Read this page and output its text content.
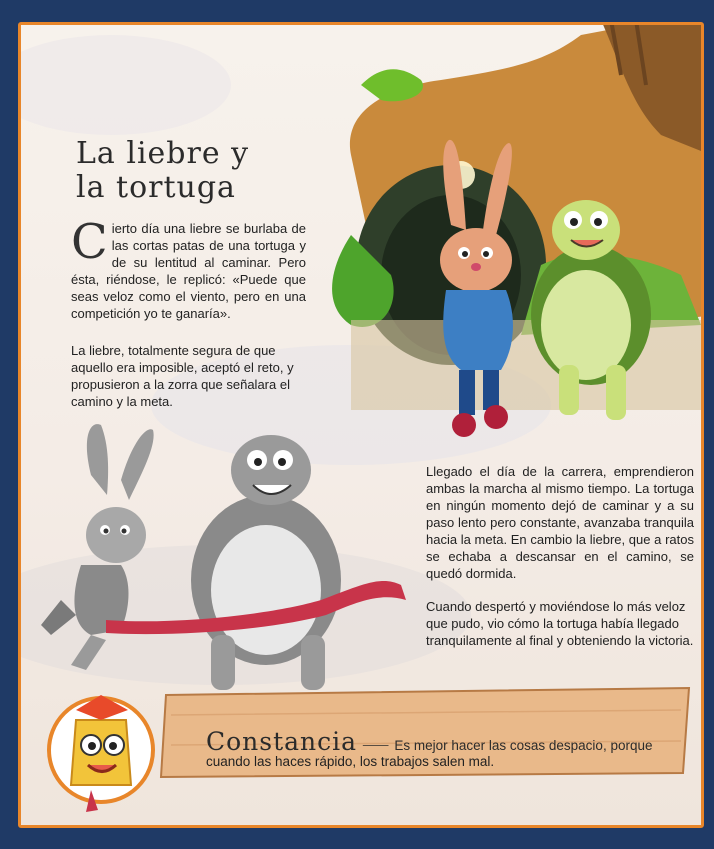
La liebre y
la tortuga
C ierto día una liebre se burlaba de las cortas patas de una tortuga y de su lentitud al caminar. Pero ésta, riéndose, le replicó: «Puede que seas veloz como el viento, pero en una competición yo te ganaría».
La liebre, totalmente segura de que aquello era imposible, aceptó el reto, y propusieron a la zorra que señalara el camino y la meta.
Llegado el día de la carrera, emprendieron ambas la marcha al mismo tiempo. La tortuga en ningún momento dejó de caminar y a su paso lento pero constante, avanzaba tranquila hacia la meta. En cambio la liebre, que a ratos se echaba a descansar en el camino, se quedó dormida.
Cuando despertó y moviéndose lo más veloz que pudo, vio cómo la tortuga había llegado tranquilamente al final y obteniendo la victoria.
Constancia ⸺ Es mejor hacer las cosas despacio, porque
cuando las haces rápido, los trabajos salen mal.
